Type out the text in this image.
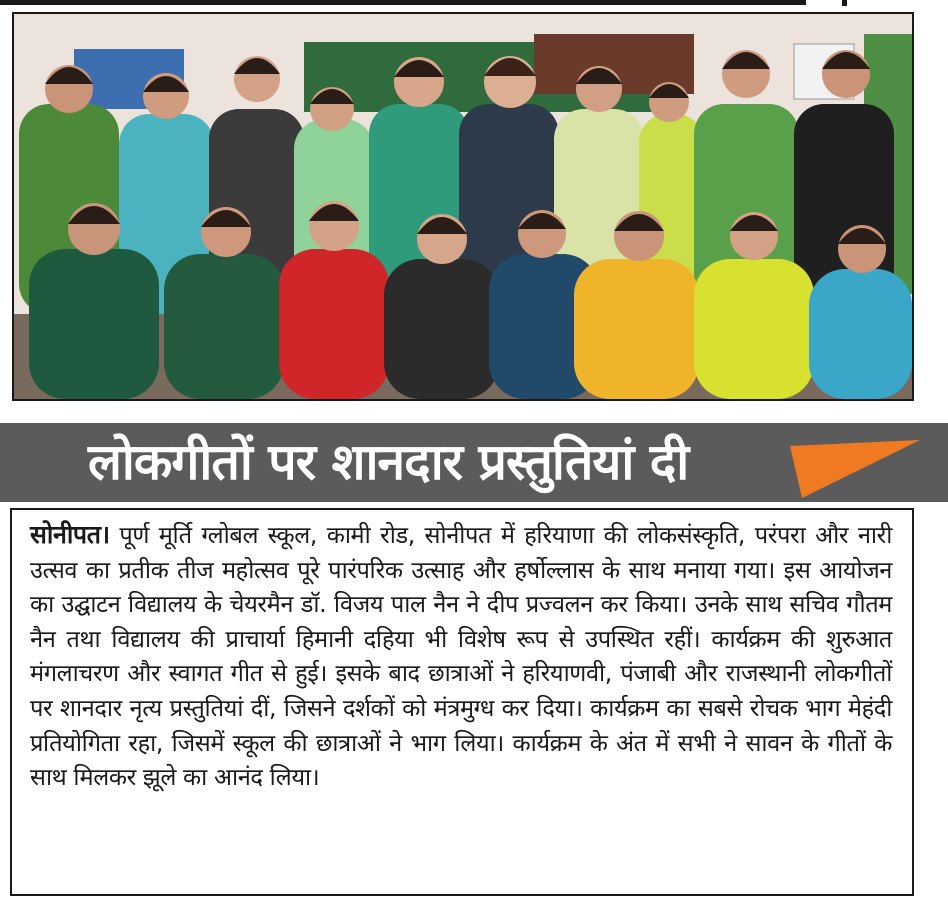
लोकगीतों पर शानदार प्रस्तुतियां दी

सोनीपत। पूर्ण मूर्ति ग्लोबल स्कूल, कामी रोड, सोनीपत में हरियाणा की लोकसंस्कृति, परंपरा और नारी उत्सव का प्रतीक तीज महोत्सव पूरे पारंपरिक उत्साह और हर्षोल्लास के साथ मनाया गया। इस आयोजन का उद्घाटन विद्यालय के चेयरमैन डॉ. विजय पाल नैन ने दीप प्रज्वलन कर किया। उनके साथ सचिव गौतम नैन तथा विद्यालय की प्राचार्या हिमानी दहिया भी विशेष रूप से उपस्थित रहीं। कार्यक्रम की शुरुआत मंगलाचरण और स्वागत गीत से हुई। इसके बाद छात्राओं ने हरियाणवी, पंजाबी और राजस्थानी लोकगीतों पर शानदार नृत्य प्रस्तुतियां दीं, जिसने दर्शकों को मंत्रमुग्ध कर दिया। कार्यक्रम का सबसे रोचक भाग मेहंदी प्रतियोगिता रहा, जिसमें स्कूल की छात्राओं ने भाग लिया। कार्यक्रम के अंत में सभी ने सावन के गीतों के साथ मिलकर झूले का आनंद लिया।
